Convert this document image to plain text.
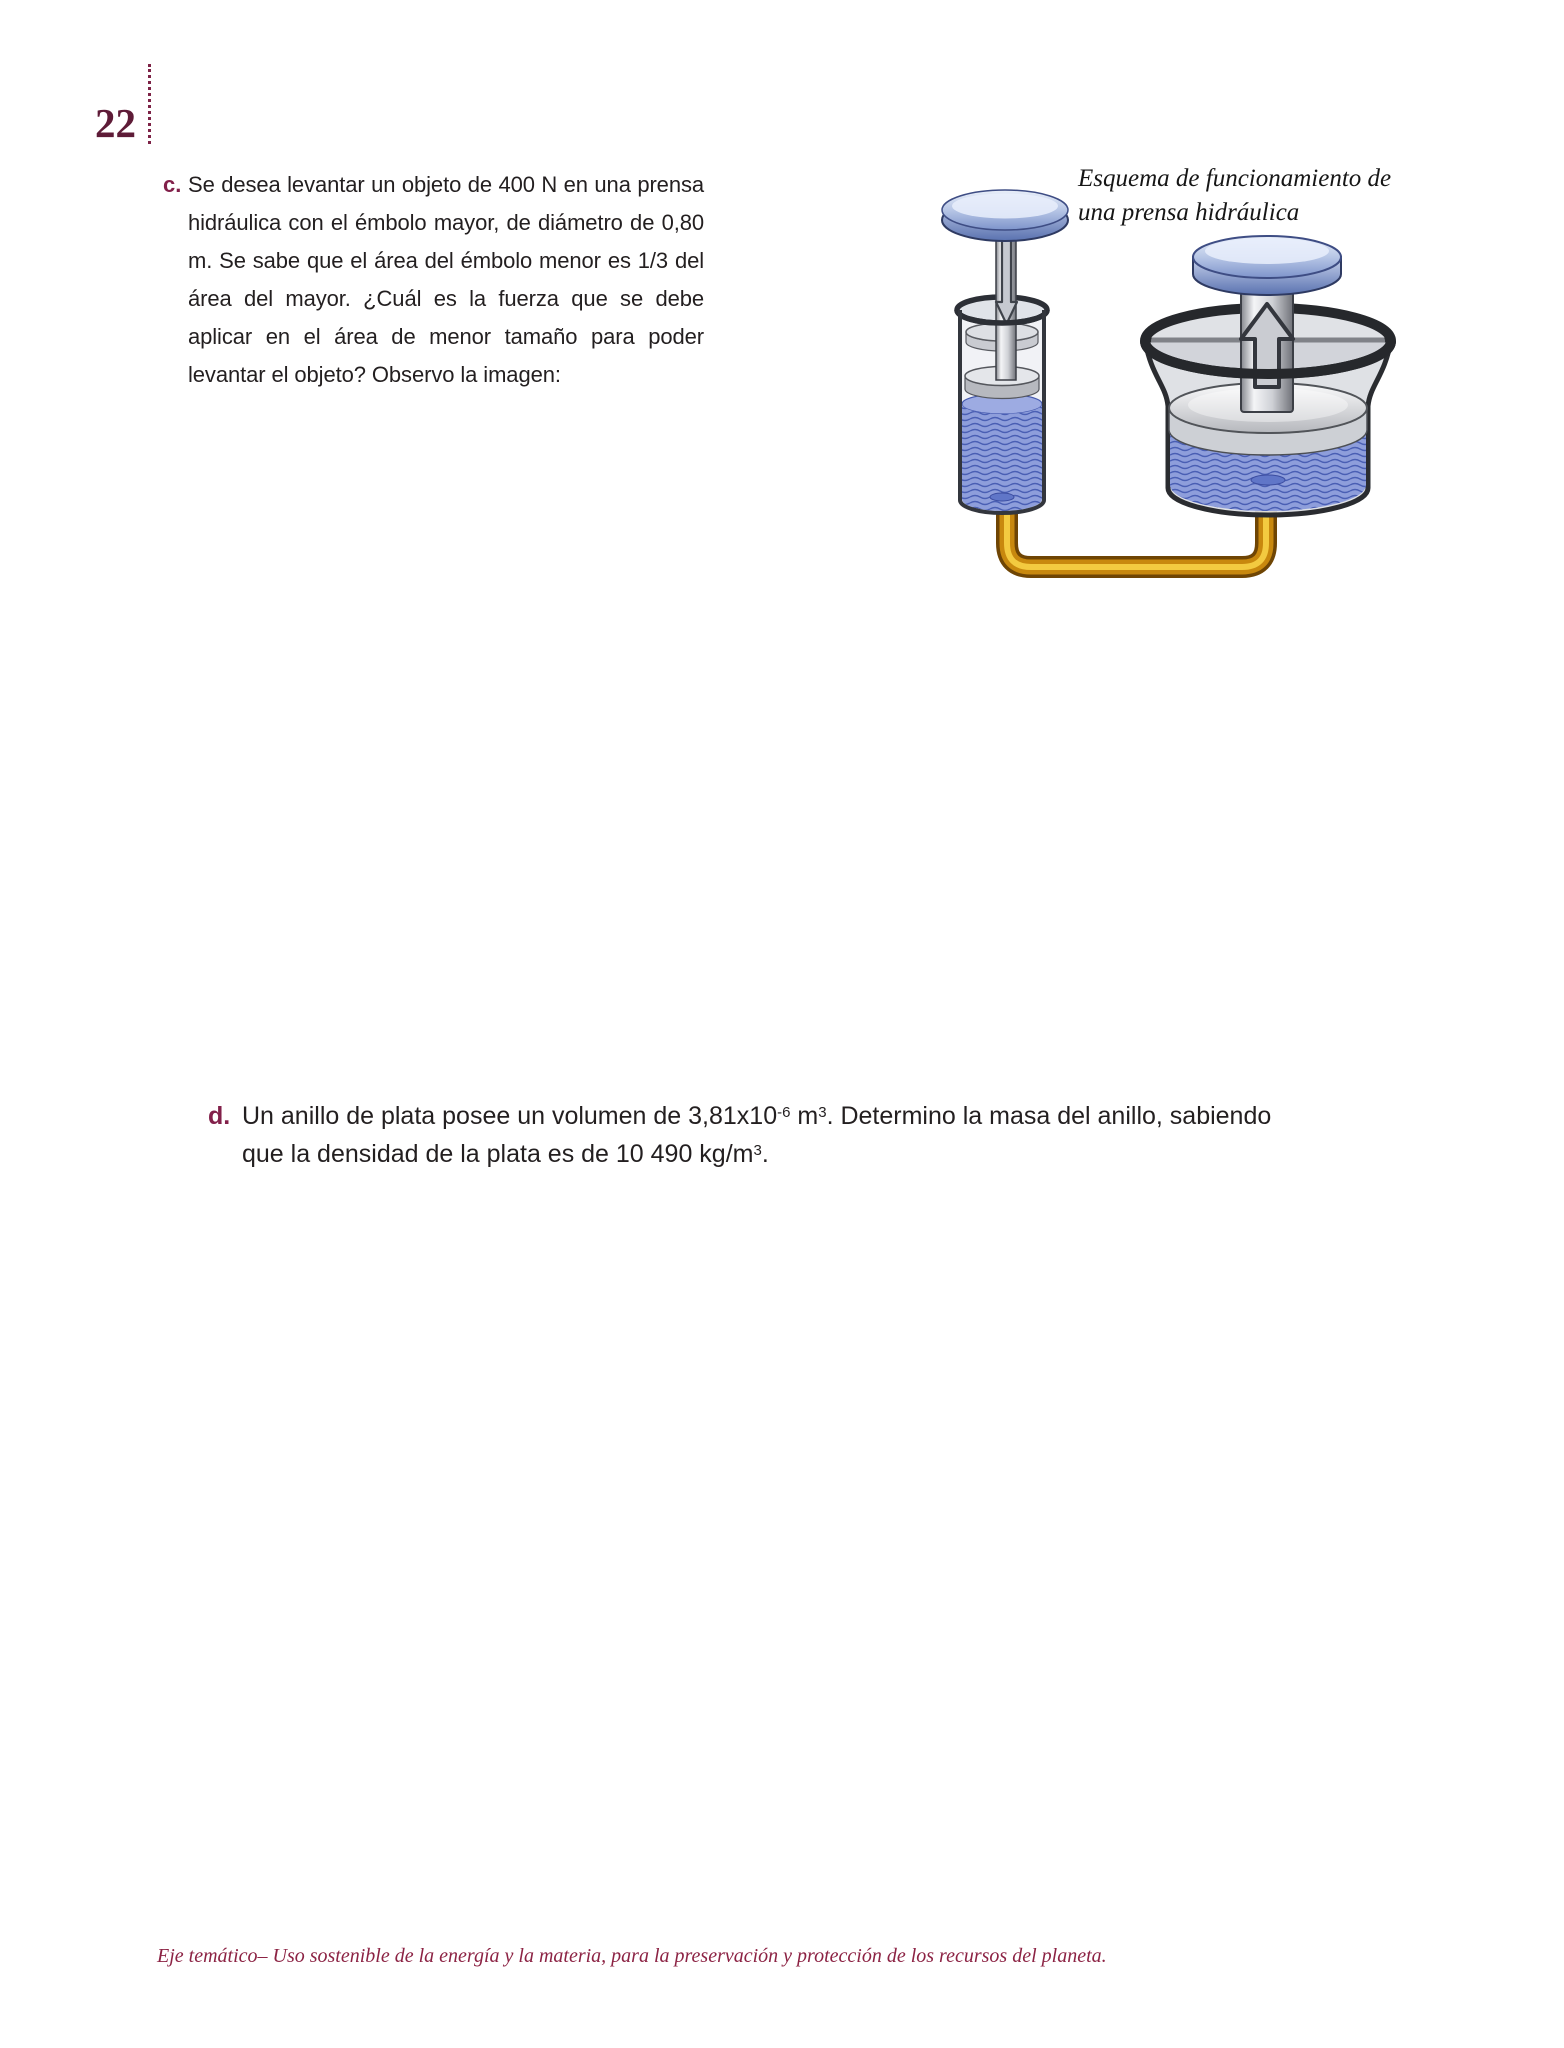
22
c. Se desea levantar un objeto de 400 N en una prensa hidráulica con el émbolo mayor, de diámetro de 0,80 m. Se sabe que el área del émbolo menor es 1/3 del área del mayor. ¿Cuál es la fuerza que se debe aplicar en el área de menor tamaño para poder levantar el objeto? Observo la imagen:
Esquema de funcionamiento de
una prensa hidráulica
d. Un anillo de plata posee un volumen de $3,81x10^{-6}$ $m^3$. Determino la masa del anillo, sabiendo
que la densidad de la plata es de 10 490 $kg/m^3$.
Eje temático– Uso sostenible de la energía y la materia, para la preservación y protección de los recursos del planeta.
